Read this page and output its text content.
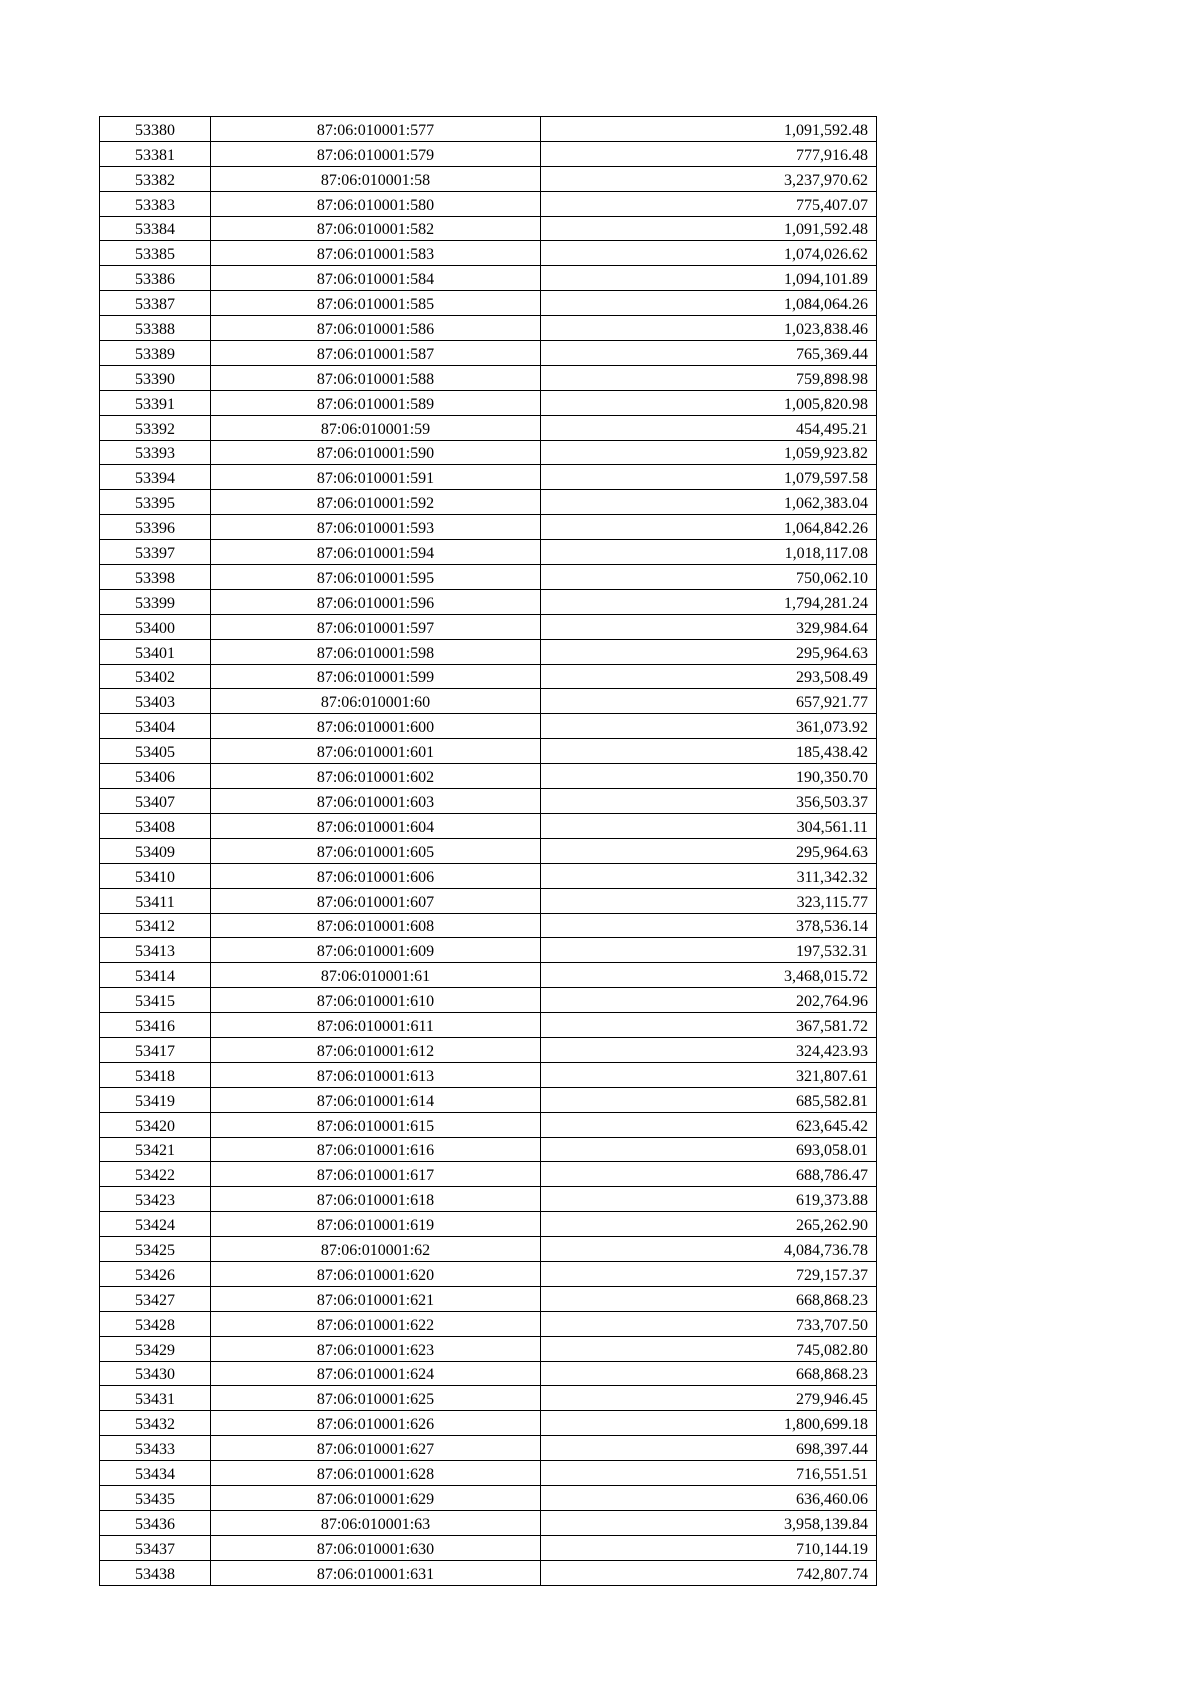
53380	87:06:010001:577	1,091,592.48
53381	87:06:010001:579	777,916.48
53382	87:06:010001:58	3,237,970.62
53383	87:06:010001:580	775,407.07
53384	87:06:010001:582	1,091,592.48
53385	87:06:010001:583	1,074,026.62
53386	87:06:010001:584	1,094,101.89
53387	87:06:010001:585	1,084,064.26
53388	87:06:010001:586	1,023,838.46
53389	87:06:010001:587	765,369.44
53390	87:06:010001:588	759,898.98
53391	87:06:010001:589	1,005,820.98
53392	87:06:010001:59	454,495.21
53393	87:06:010001:590	1,059,923.82
53394	87:06:010001:591	1,079,597.58
53395	87:06:010001:592	1,062,383.04
53396	87:06:010001:593	1,064,842.26
53397	87:06:010001:594	1,018,117.08
53398	87:06:010001:595	750,062.10
53399	87:06:010001:596	1,794,281.24
53400	87:06:010001:597	329,984.64
53401	87:06:010001:598	295,964.63
53402	87:06:010001:599	293,508.49
53403	87:06:010001:60	657,921.77
53404	87:06:010001:600	361,073.92
53405	87:06:010001:601	185,438.42
53406	87:06:010001:602	190,350.70
53407	87:06:010001:603	356,503.37
53408	87:06:010001:604	304,561.11
53409	87:06:010001:605	295,964.63
53410	87:06:010001:606	311,342.32
53411	87:06:010001:607	323,115.77
53412	87:06:010001:608	378,536.14
53413	87:06:010001:609	197,532.31
53414	87:06:010001:61	3,468,015.72
53415	87:06:010001:610	202,764.96
53416	87:06:010001:611	367,581.72
53417	87:06:010001:612	324,423.93
53418	87:06:010001:613	321,807.61
53419	87:06:010001:614	685,582.81
53420	87:06:010001:615	623,645.42
53421	87:06:010001:616	693,058.01
53422	87:06:010001:617	688,786.47
53423	87:06:010001:618	619,373.88
53424	87:06:010001:619	265,262.90
53425	87:06:010001:62	4,084,736.78
53426	87:06:010001:620	729,157.37
53427	87:06:010001:621	668,868.23
53428	87:06:010001:622	733,707.50
53429	87:06:010001:623	745,082.80
53430	87:06:010001:624	668,868.23
53431	87:06:010001:625	279,946.45
53432	87:06:010001:626	1,800,699.18
53433	87:06:010001:627	698,397.44
53434	87:06:010001:628	716,551.51
53435	87:06:010001:629	636,460.06
53436	87:06:010001:63	3,958,139.84
53437	87:06:010001:630	710,144.19
53438	87:06:010001:631	742,807.74
